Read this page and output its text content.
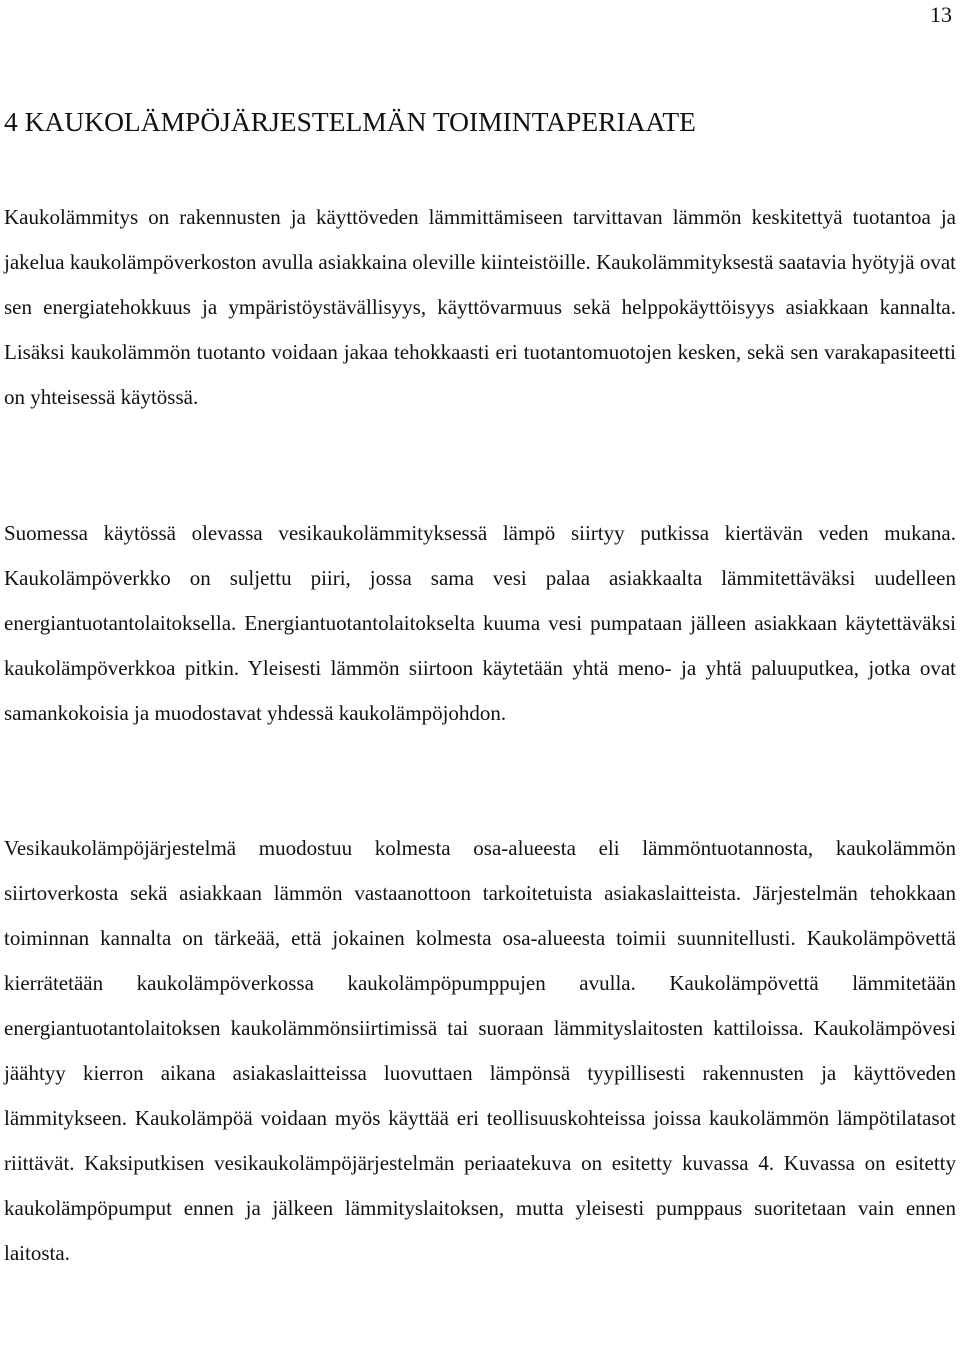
13
4 KAUKOLÄMPÖJÄRJESTELMÄN TOIMINTAPERIAATE

Kaukolämmitys on rakennusten ja käyttöveden lämmittämiseen tarvittavan lämmön keskitettyä tuotantoa ja jakelua kaukolämpöverkoston avulla asiakkaina oleville kiinteistöille. Kaukolämmityksestä saatavia hyötyjä ovat sen energiatehokkuus ja ympäristöystävällisyys, käyttövarmuus sekä helppokäyttöisyys asiakkaan kannalta. Lisäksi kaukolämmön tuotanto voidaan jakaa tehokkaasti eri tuotantomuotojen kesken, sekä sen varakapasiteetti on yhteisessä käytössä.

Suomessa käytössä olevassa vesikaukolämmityksessä lämpö siirtyy putkissa kiertävän veden mukana. Kaukolämpöverkko on suljettu piiri, jossa sama vesi palaa asiakkaalta lämmitettäväksi uudelleen energiantuotantolaitoksella. Energiantuotantolaitokselta kuuma vesi pumpataan jälleen asiakkaan käytettäväksi kaukolämpöverkkoa pitkin. Yleisesti lämmön siirtoon käytetään yhtä meno- ja yhtä paluuputkea, jotka ovat samankokoisia ja muodostavat yhdessä kaukolämpöjohdon.

Vesikaukolämpöjärjestelmä muodostuu kolmesta osa-alueesta eli lämmöntuotannosta, kaukolämmön siirtoverkosta sekä asiakkaan lämmön vastaanottoon tarkoitetuista asiakaslaitteista. Järjestelmän tehokkaan toiminnan kannalta on tärkeää, että jokainen kolmesta osa-alueesta toimii suunnitellusti. Kaukolämpövettä kierrätetään kaukolämpöverkossa kaukolämpöpumppujen avulla. Kaukolämpövettä lämmitetään energiantuotantolaitoksen kaukolämmönsiirtimissä tai suoraan lämmityslaitosten kattiloissa. Kaukolämpövesi jäähtyy kierron aikana asiakaslaitteissa luovuttaen lämpönsä tyypillisesti rakennusten ja käyttöveden lämmitykseen. Kaukolämpöä voidaan myös käyttää eri teollisuuskohteissa joissa kaukolämmön lämpötilatasot riittävät. Kaksiputkisen vesikaukolämpöjärjestelmän periaatekuva on esitetty kuvassa 4. Kuvassa on esitetty kaukolämpöpumput ennen ja jälkeen lämmityslaitoksen, mutta yleisesti pumppaus suoritetaan vain ennen laitosta.
